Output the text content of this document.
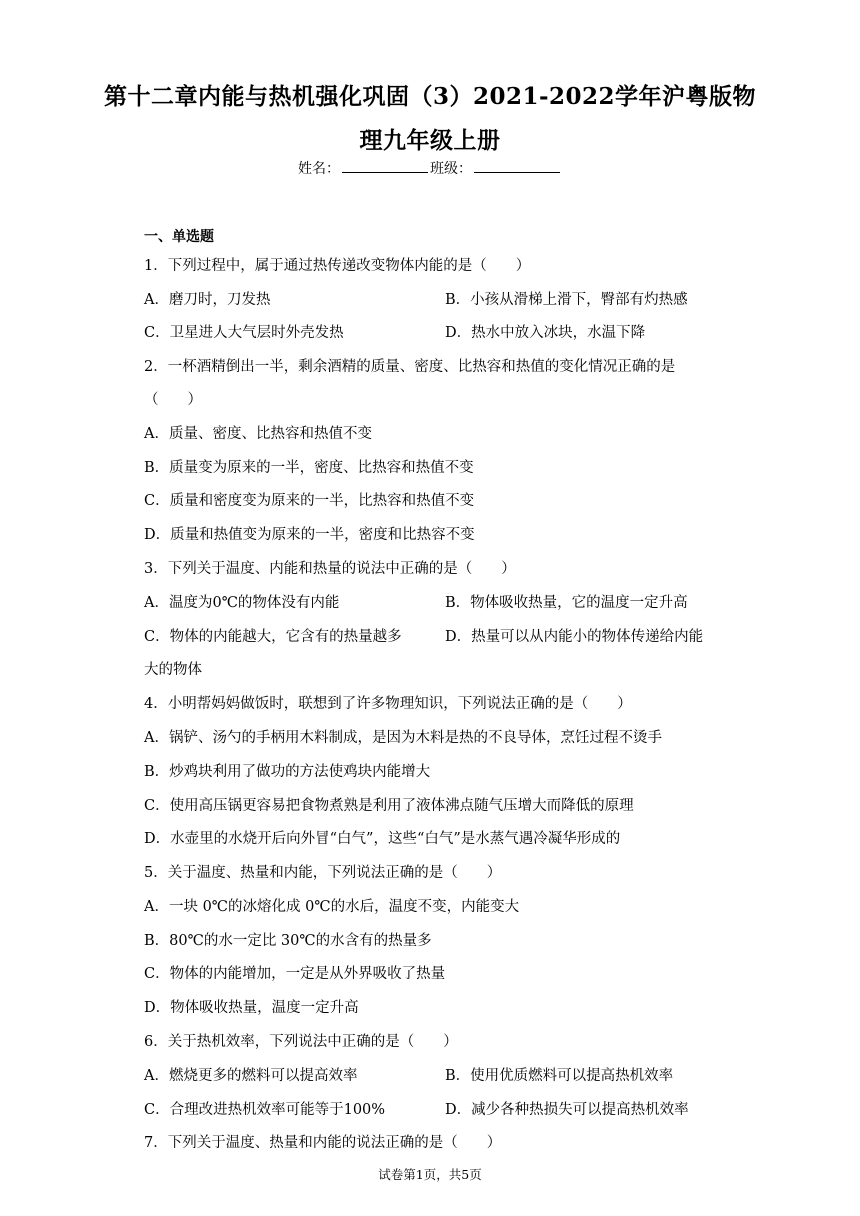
第十二章内能与热机强化巩固（3）2021-2022学年沪粤版物
理九年级上册
姓名：	班级：
一、单选题
1．下列过程中，属于通过热传递改变物体内能的是（　　）
A．磨刀时，刀发热	B．小孩从滑梯上滑下，臀部有灼热感
C．卫星进人大气层时外壳发热	D．热水中放入冰块，水温下降
2．一杯酒精倒出一半，剩余酒精的质量、密度、比热容和热值的变化情况正确的是
（　　）
A．质量、密度、比热容和热值不变
B．质量变为原来的一半，密度、比热容和热值不变
C．质量和密度变为原来的一半，比热容和热值不变
D．质量和热值变为原来的一半，密度和比热容不变
3．下列关于温度、内能和热量的说法中正确的是（　　）
A．温度为0℃的物体没有内能	B．物体吸收热量，它的温度一定升高
C．物体的内能越大，它含有的热量越多	D．热量可以从内能小的物体传递给内能
大的物体
4．小明帮妈妈做饭时，联想到了许多物理知识，下列说法正确的是（　　）
A．锅铲、汤勺的手柄用木料制成，是因为木料是热的不良导体，烹饪过程不烫手
B．炒鸡块利用了做功的方法使鸡块内能增大
C．使用高压锅更容易把食物煮熟是利用了液体沸点随气压增大而降低的原理
D．水壶里的水烧开后向外冒“白气”，这些“白气”是水蒸气遇冷凝华形成的
5．关于温度、热量和内能，下列说法正确的是（　　）
A．一块 0℃的冰熔化成 0℃的水后，温度不变，内能变大
B．80℃的水一定比 30℃的水含有的热量多
C．物体的内能增加，一定是从外界吸收了热量
D．物体吸收热量，温度一定升高
6．关于热机效率，下列说法中正确的是（　　）
A．燃烧更多的燃料可以提高效率	B．使用优质燃料可以提高热机效率
C．合理改进热机效率可能等于100%	D．减少各种热损失可以提高热机效率
7．下列关于温度、热量和内能的说法正确的是（　　）
试卷第1页，共5页
